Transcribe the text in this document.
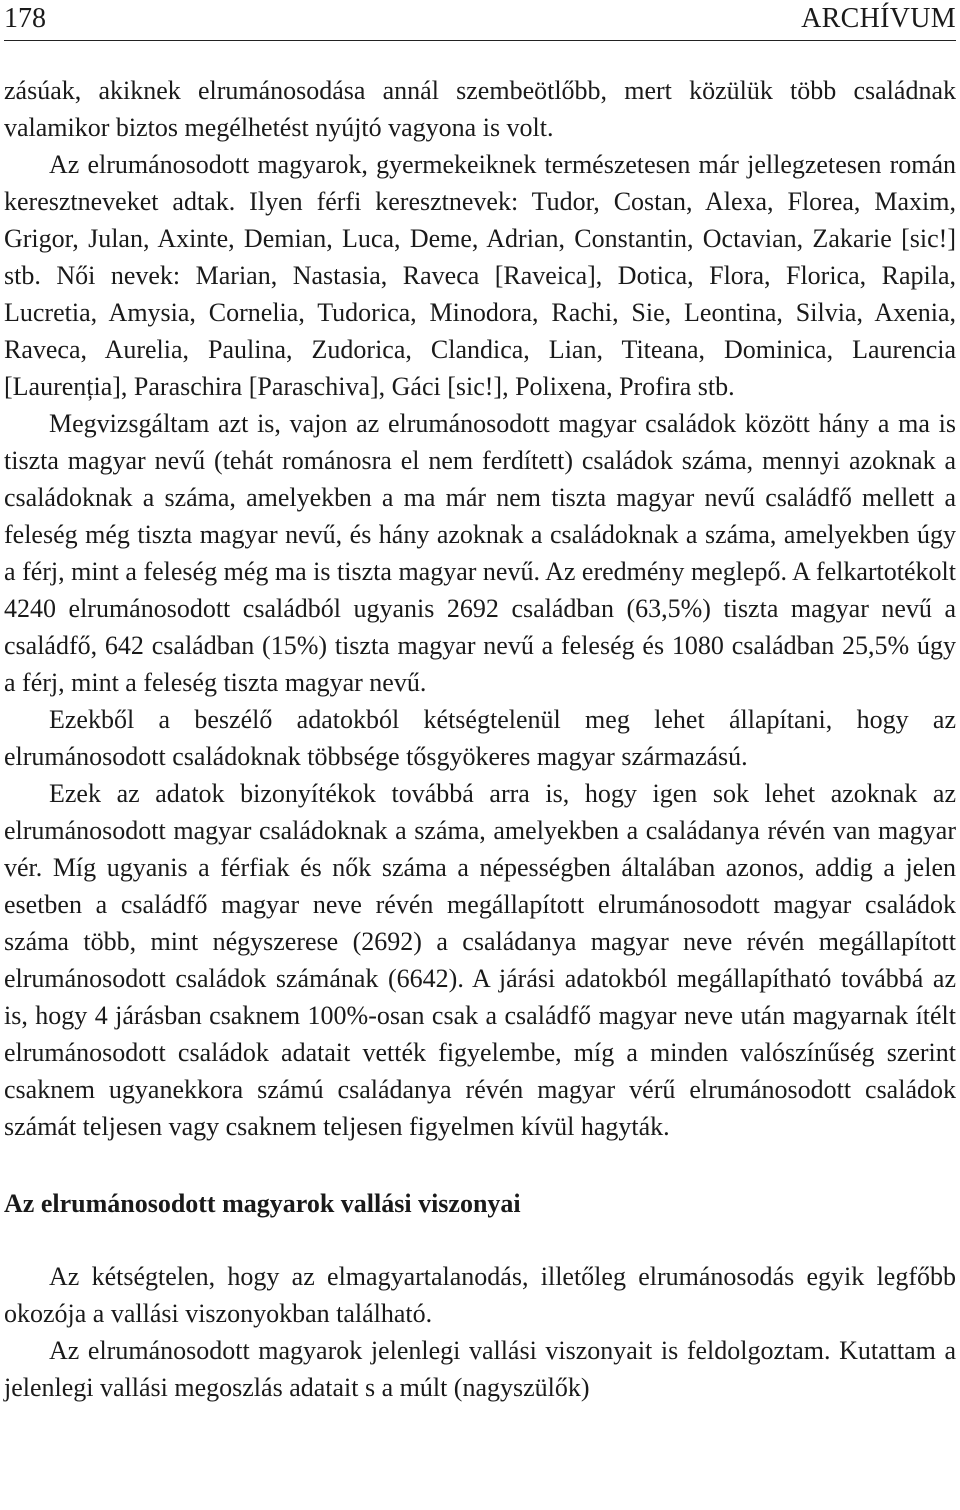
178	ARCHÍVUM

zásúak, akiknek elrumánosodása annál szembeötlőbb, mert közülük több családnak valamikor biztos megélhetést nyújtó vagyona is volt.

Az elrumánosodott magyarok, gyermekeiknek természetesen már jellegzetesen román keresztneveket adtak. Ilyen férfi keresztnevek: Tudor, Costan, Alexa, Florea, Maxim, Grigor, Julan, Axinte, Demian, Luca, Deme, Adrian, Constantin, Octavian, Zakarie [sic!] stb. Női nevek: Marian, Nastasia, Raveca [Raveica], Dotica, Flora, Florica, Rapila, Lucretia, Amysia, Cornelia, Tudorica, Minodora, Rachi, Sie, Leontina, Silvia, Axenia, Raveca, Aurelia, Paulina, Zudorica, Clandica, Lian, Titeana, Dominica, Laurencia [Laurenția], Paraschira [Paraschiva], Gáci [sic!], Polixena, Profira stb.

Megvizsgáltam azt is, vajon az elrumánosodott magyar családok között hány a ma is tiszta magyar nevű (tehát románosra el nem ferdített) családok száma, mennyi azoknak a családoknak a száma, amelyekben a ma már nem tiszta magyar nevű családfő mellett a feleség még tiszta magyar nevű, és hány azoknak a családoknak a száma, amelyekben úgy a férj, mint a feleség még ma is tiszta magyar nevű. Az eredmény meglepő. A felkartotékolt 4240 elrumánosodott családból ugyanis 2692 családban (63,5%) tiszta magyar nevű a családfő, 642 családban (15%) tiszta magyar nevű a feleség és 1080 családban 25,5% úgy a férj, mint a feleség tiszta magyar nevű.

Ezekből a beszélő adatokból kétségtelenül meg lehet állapítani, hogy az elrumánosodott családoknak többsége tősgyökeres magyar származású.

Ezek az adatok bizonyítékok továbbá arra is, hogy igen sok lehet azoknak az elrumánosodott magyar családoknak a száma, amelyekben a családanya révén van magyar vér. Míg ugyanis a férfiak és nők száma a népességben általában azonos, addig a jelen esetben a családfő magyar neve révén megállapított elrumánosodott magyar családok száma több, mint négyszerese (2692) a családanya magyar neve révén megállapított elrumánosodott családok számának (6642). A járási adatokból megállapítható továbbá az is, hogy 4 járásban csaknem 100%-osan csak a családfő magyar neve után magyarnak ítélt elrumánosodott családok adatait vették figyelembe, míg a minden valószínűség szerint csaknem ugyanekkora számú családanya révén magyar vérű elrumánosodott családok számát teljesen vagy csaknem teljesen figyelmen kívül hagyták.

Az elrumánosodott magyarok vallási viszonyai

Az kétségtelen, hogy az elmagyartalanodás, illetőleg elrumánosodás egyik legfőbb okozója a vallási viszonyokban található.

Az elrumánosodott magyarok jelenlegi vallási viszonyait is feldolgoztam. Kutattam a jelenlegi vallási megoszlás adatait s a múlt (nagyszülők)
